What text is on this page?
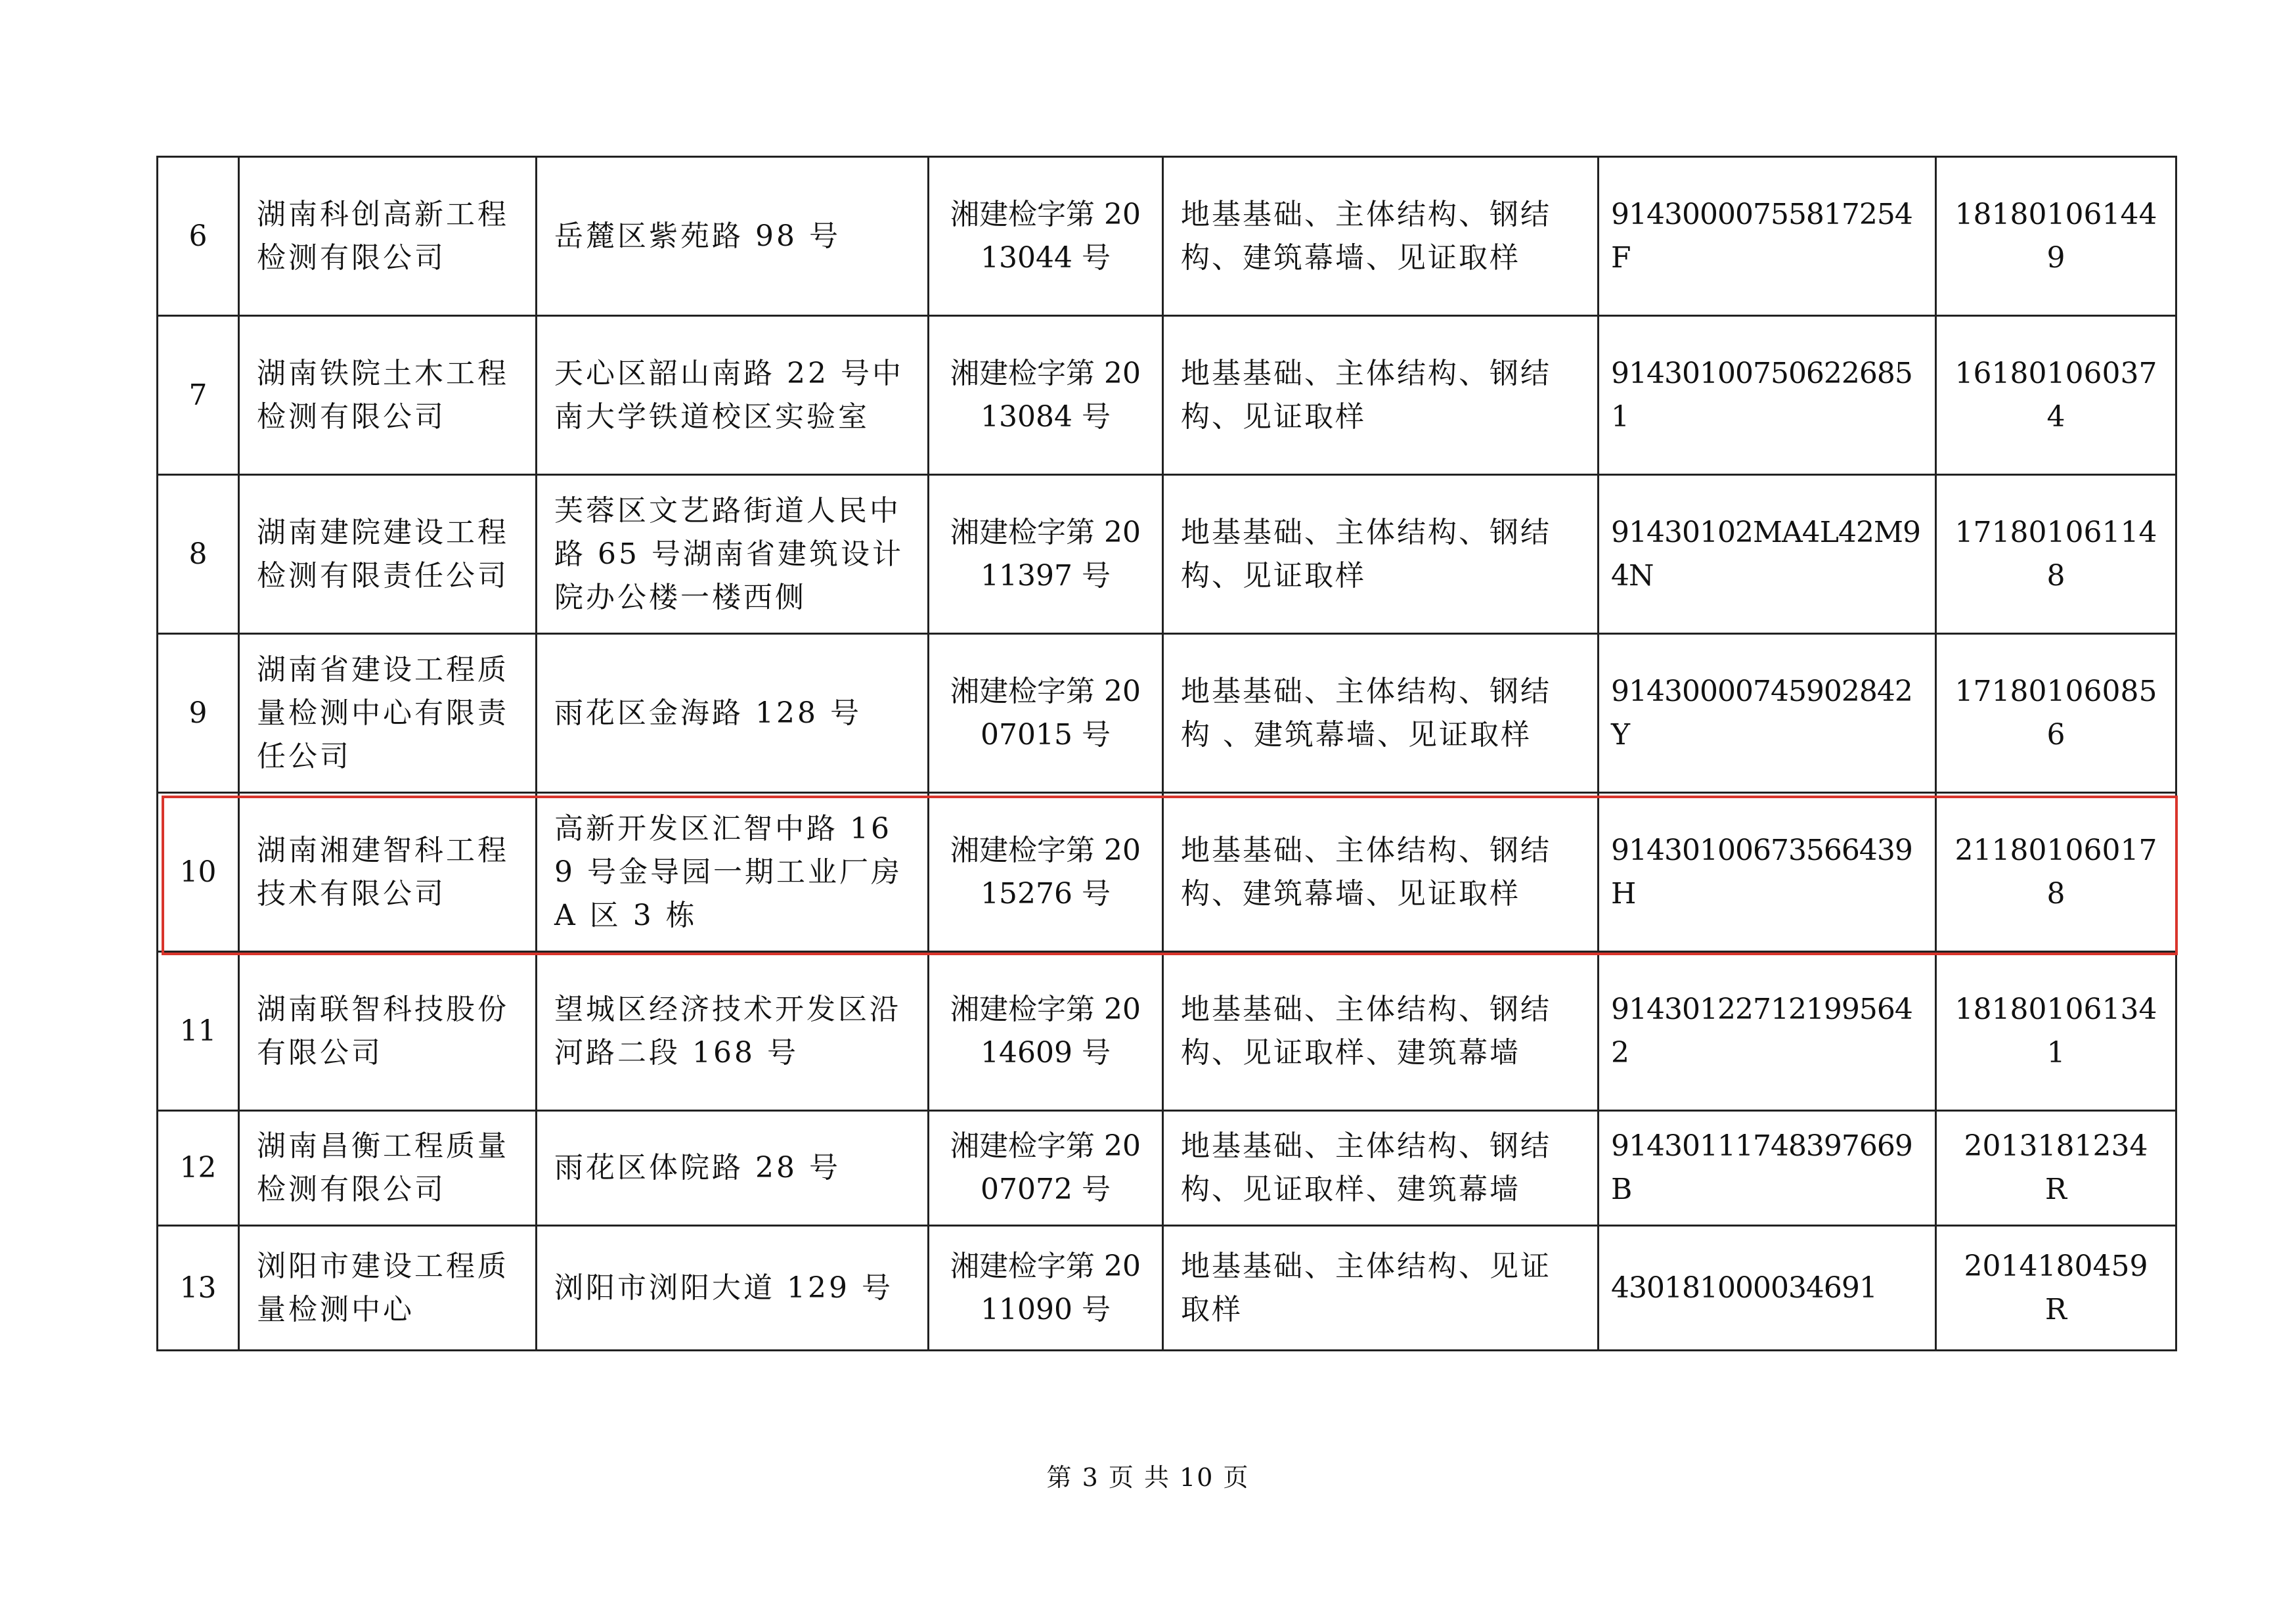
6	湖南科创高新工程检测有限公司	岳麓区紫苑路 98 号	湘建检字第 2013044 号	地基基础、主体结构、钢结构、建筑幕墙、见证取样	91430000755817254F	181801061449
7	湖南铁院土木工程检测有限公司	天心区韶山南路 22 号中南大学铁道校区实验室	湘建检字第 2013084 号	地基基础、主体结构、钢结构、见证取样	914301007506226851	161801060374
8	湖南建院建设工程检测有限责任公司	芙蓉区文艺路街道人民中路 65 号湖南省建筑设计院办公楼一楼西侧	湘建检字第 2011397 号	地基基础、主体结构、钢结构、见证取样	91430102MA4L42M94N	171801061148
9	湖南省建设工程质量检测中心有限责任公司	雨花区金海路 128 号	湘建检字第 2007015 号	地基基础、主体结构、钢结构 、建筑幕墙、见证取样	91430000745902842Y	171801060856
10	湖南湘建智科工程技术有限公司	高新开发区汇智中路 169 号金导园一期工业厂房 A 区 3 栋	湘建检字第 2015276 号	地基基础、主体结构、钢结构、建筑幕墙、见证取样	91430100673566439H	211801060178
11	湖南联智科技股份有限公司	望城区经济技术开发区沿河路二段 168 号	湘建检字第 2014609 号	地基基础、主体结构、钢结构、见证取样、建筑幕墙	914301227121995642	181801061341
12	湖南昌衡工程质量检测有限公司	雨花区体院路 28 号	湘建检字第 2007072 号	地基基础、主体结构、钢结构、见证取样、建筑幕墙	91430111748397669B	2013181234R
13	浏阳市建设工程质量检测中心	浏阳市浏阳大道 129 号	湘建检字第 2011090 号	地基基础、主体结构、见证取样	430181000034691	2014180459R
第 3 页 共 10 页
